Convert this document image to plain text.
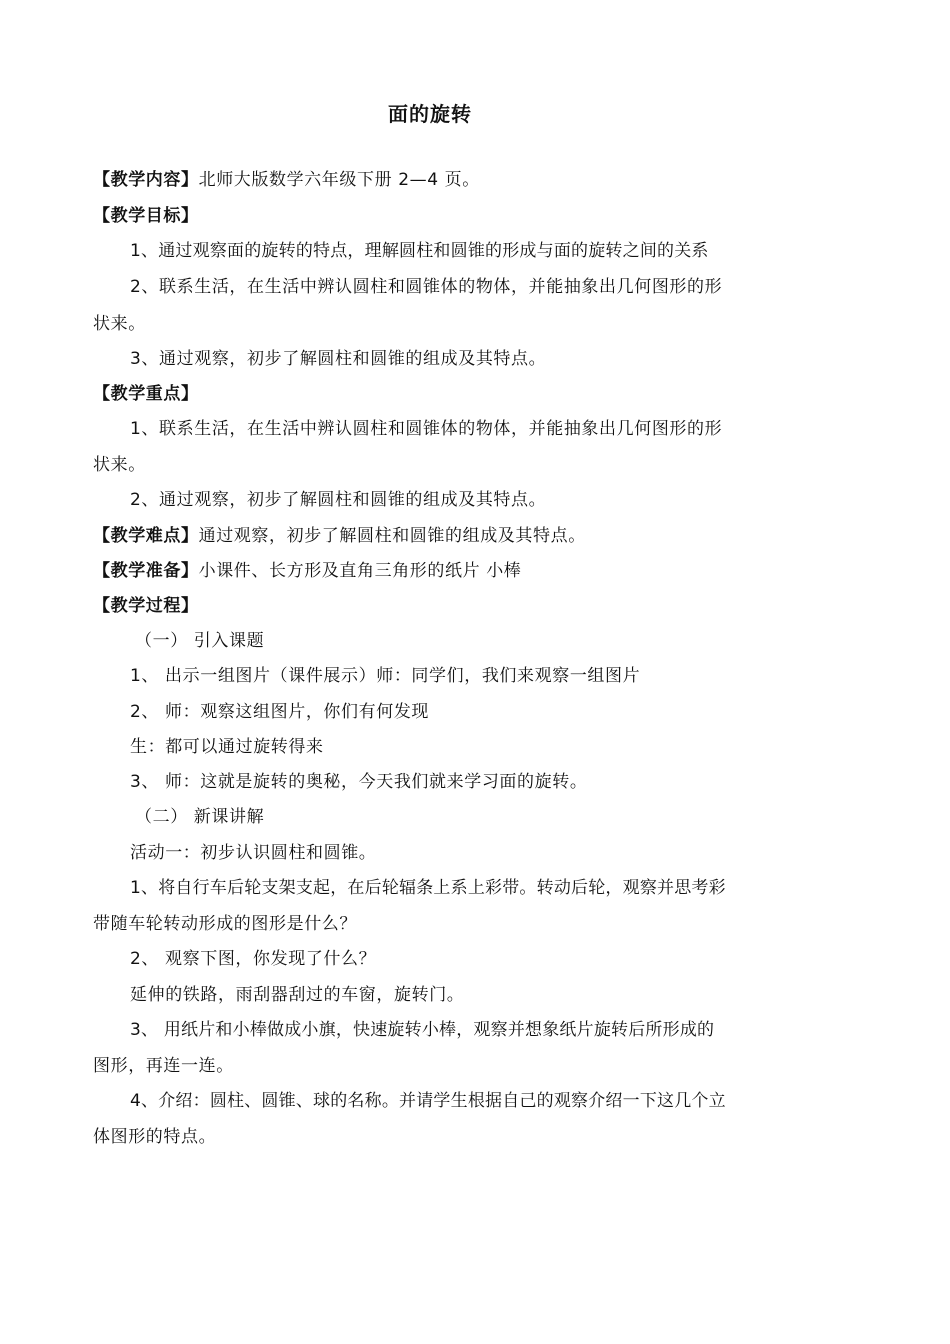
面的旋转
【教学内容】北师大版数学六年级下册 2—4 页。
【教学目标】
1、通过观察面的旋转的特点，理解圆柱和圆锥的形成与面的旋转之间的关系
2、联系生活，在生活中辨认圆柱和圆锥体的物体，并能抽象出几何图形的形
状来。
3、通过观察，初步了解圆柱和圆锥的组成及其特点。
【教学重点】
1、联系生活，在生活中辨认圆柱和圆锥体的物体，并能抽象出几何图形的形
状来。
2、通过观察，初步了解圆柱和圆锥的组成及其特点。
【教学难点】通过观察，初步了解圆柱和圆锥的组成及其特点。
【教学准备】小课件、长方形及直角三角形的纸片 小棒
【教学过程】
（一） 引入课题
1、 出示一组图片（课件展示）师：同学们，我们来观察一组图片
2、 师：观察这组图片，你们有何发现
生：都可以通过旋转得来
3、 师：这就是旋转的奥秘，今天我们就来学习面的旋转。
（二） 新课讲解
活动一：初步认识圆柱和圆锥。
1、将自行车后轮支架支起，在后轮辐条上系上彩带。转动后轮，观察并思考彩
带随车轮转动形成的图形是什么？
2、 观察下图，你发现了什么？
延伸的铁路，雨刮器刮过的车窗，旋转门。
3、 用纸片和小棒做成小旗，快速旋转小棒，观察并想象纸片旋转后所形成的
图形，再连一连。
4、介绍：圆柱、圆锥、球的名称。并请学生根据自己的观察介绍一下这几个立
体图形的特点。
